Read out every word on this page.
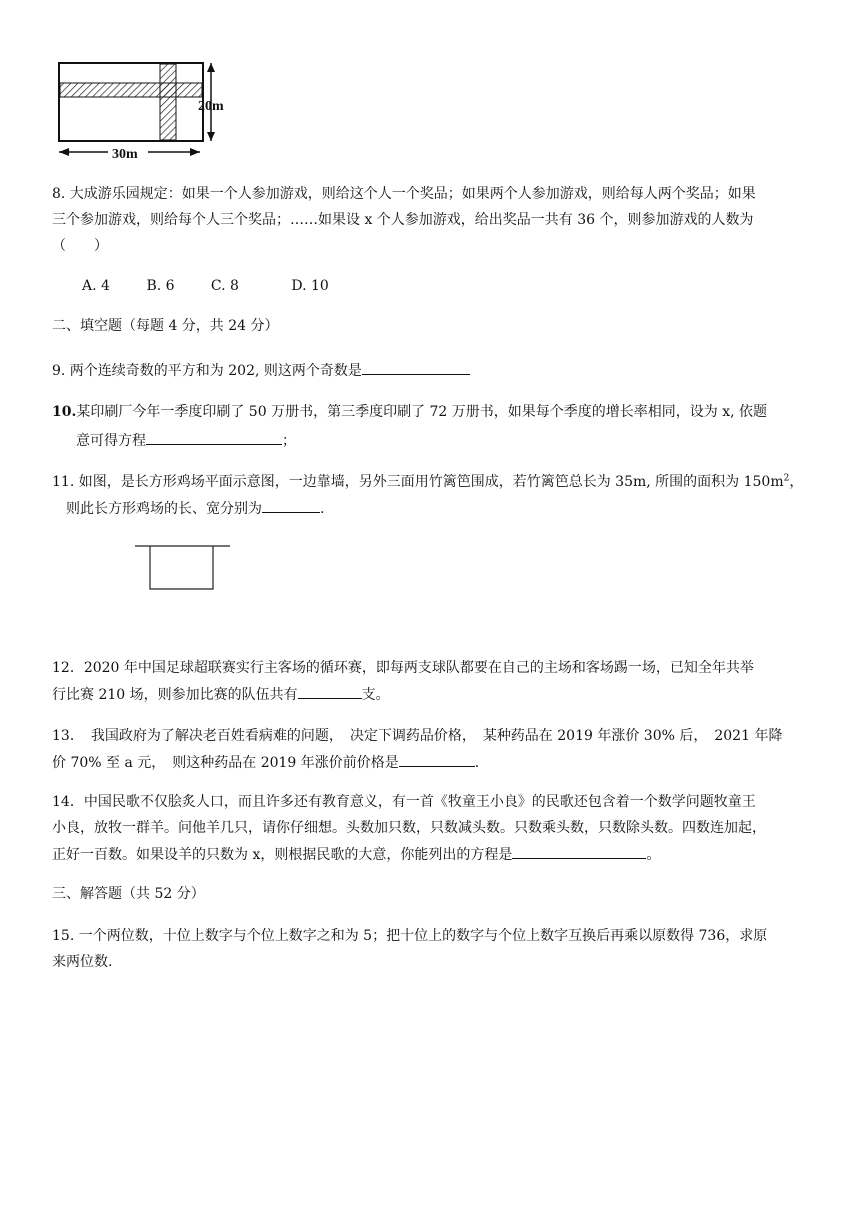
20m
30m
8. 大成游乐园规定：如果一个人参加游戏，则给这个人一个奖品；如果两个人参加游戏，则给每人两个奖品；如果
三个参加游戏，则给每个人三个奖品；……如果设 x 个人参加游戏，给出奖品一共有 36 个，则参加游戏的人数为
（　　）
A. 4	B. 6	C. 8	D. 10
二、填空题（每题 4 分，共 24 分）
9. 两个连续奇数的平方和为 202, 则这两个奇数是
10.某印刷厂今年一季度印刷了 50 万册书，第三季度印刷了 72 万册书，如果每个季度的增长率相同，设为 x, 依题
意可得方程	；
11. 如图，是长方形鸡场平面示意图，一边靠墙，另外三面用竹篱笆围成，若竹篱笆总长为 35m, 所围的面积为 $150m^2$，
则此长方形鸡场的长、宽分别为	.
12．2020 年中国足球超联赛实行主客场的循环赛，即每两支球队都要在自己的主场和客场踢一场，已知全年共举
行比赛 210 场，则参加比赛的队伍共有	支。
13．　我国政府为了解决老百姓看病难的问题，　决定下调药品价格，　某种药品在 2019 年涨价 30% 后，　2021 年降
价 70% 至 a 元，　则这种药品在 2019 年涨价前价格是	.
14．中国民歌不仅脍炙人口，而且许多还有教育意义，有一首《牧童王小良》的民歌还包含着一个数学问题牧童王
小良，放牧一群羊。问他羊几只，请你仔细想。头数加只数，只数减头数。只数乘头数，只数除头数。四数连加起，
正好一百数。如果设羊的只数为 x，则根据民歌的大意，你能列出的方程是	。
三、解答题（共 52 分）
15. 一个两位数，十位上数字与个位上数字之和为 5；把十位上的数字与个位上数字互换后再乘以原数得 736，求原
来两位数.
